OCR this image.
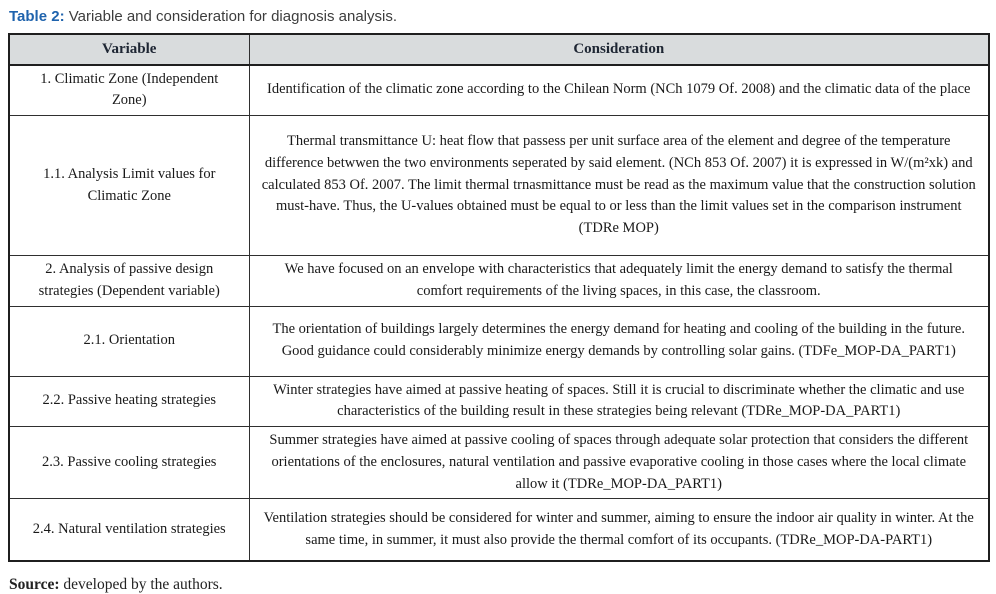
Table 2: Variable and consideration for diagnosis analysis.
Variable	Consideration
1. Climatic Zone (Independent Zone)	Identification of the climatic zone according to the Chilean Norm (NCh 1079 Of. 2008) and the climatic data of the place
1.1. Analysis Limit values for Climatic Zone	Thermal transmittance U: heat flow that passess per unit surface area of the element and degree of the temperature difference betwwen the two environments seperated by said element. (NCh 853 Of. 2007) it is expressed in W/(m²xk) and calculated 853 Of. 2007. The limit thermal trnasmittance must be read as the maximum value that the construction solution must-have. Thus, the U-values obtained must be equal to or less than the limit values set in the comparison instrument (TDRe MOP)
2. Analysis of passive design strategies (Dependent variable)	We have focused on an envelope with characteristics that adequately limit the energy demand to satisfy the thermal comfort requirements of the living spaces, in this case, the classroom.
2.1. Orientation	The orientation of buildings largely determines the energy demand for heating and cooling of the building in the future. Good guidance could considerably minimize energy demands by controlling solar gains. (TDFe_MOP-DA_PART1)
2.2. Passive heating strategies	Winter strategies have aimed at passive heating of spaces. Still it is crucial to discriminate whether the climatic and use characteristics of the building result in these strategies being relevant (TDRe_MOP-DA_PART1)
2.3. Passive cooling strategies	Summer strategies have aimed at passive cooling of spaces through adequate solar protection that considers the different orientations of the enclosures, natural ventilation and passive evaporative cooling in those cases where the local climate allow it (TDRe_MOP-DA_PART1)
2.4. Natural ventilation strategies	Ventilation strategies should be considered for winter and summer, aiming to ensure the indoor air quality in winter. At the same time, in summer, it must also provide the thermal comfort of its occupants. (TDRe_MOP-DA-PART1)
Source: developed by the authors.
